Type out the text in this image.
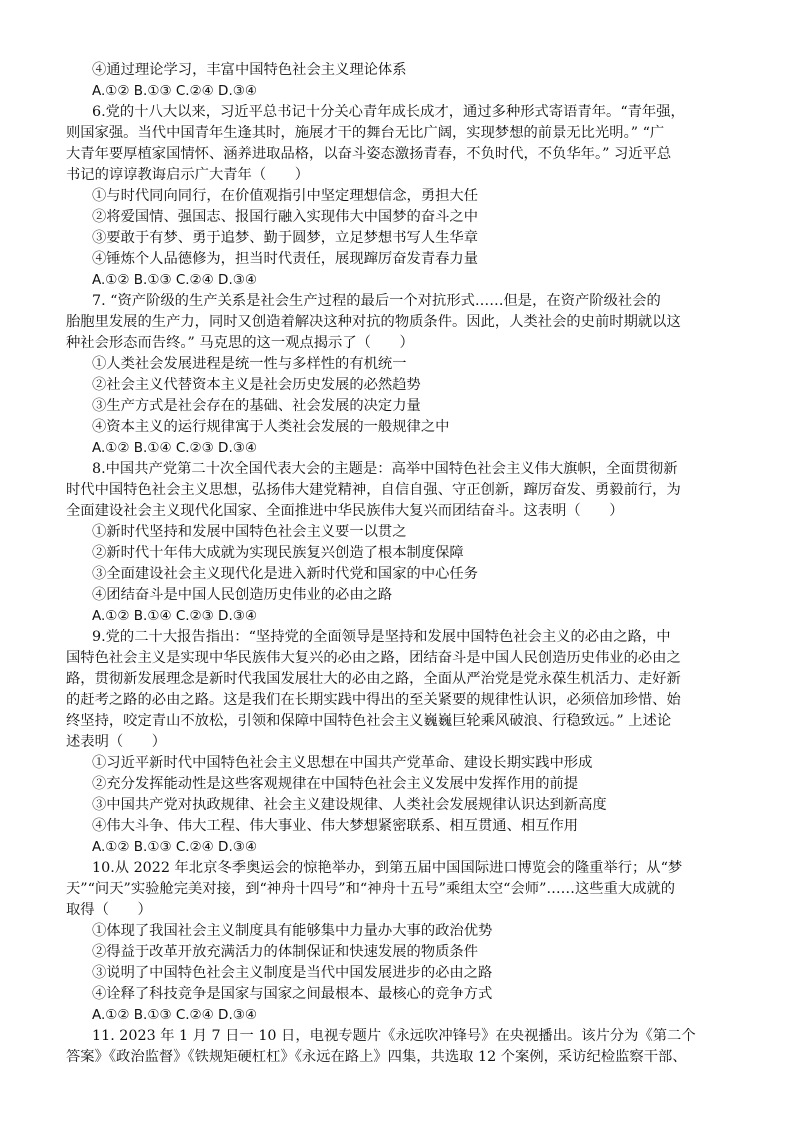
④通过理论学习，丰富中国特色社会主义理论体系
A.①② B.①③ C.②④ D.③④
6.党的十八大以来，习近平总书记十分关心青年成长成才，通过多种形式寄语青年。“青年强，
则国家强。当代中国青年生逢其时，施展才干的舞台无比广阔，实现梦想的前景无比光明。” “广
大青年要厚植家国情怀、涵养进取品格，以奋斗姿态激扬青春，不负时代，不负华年。” 习近平总
书记的谆谆教诲启示广大青年（　　）
①与时代同向同行，在价值观指引中坚定理想信念，勇担大任
②将爱国情、强国志、报国行融入实现伟大中国梦的奋斗之中
③要敢于有梦、勇于追梦、勤于圆梦，立足梦想书写人生华章
④锤炼个人品德修为，担当时代责任，展现蹿厉奋发青春力量
A.①② B.①③ C.②④ D.③④
7. “资产阶级的生产关系是社会生产过程的最后一个对抗形式……但是，在资产阶级社会的
胎胞里发展的生产力，同时又创造着解决这种对抗的物质条件。因此，人类社会的史前时期就以这
种社会形态而告终。” 马克思的这一观点揭示了（　　）
①人类社会发展进程是统一性与多样性的有机统一
②社会主义代替资本主义是社会历史发展的必然趋势
③生产方式是社会存在的基础、社会发展的决定力量
④资本主义的运行规律寓于人类社会发展的一般规律之中
A.①② B.①④ C.②③ D.③④
8.中国共产党第二十次全国代表大会的主题是：高举中国特色社会主义伟大旗帜，全面贯彻新
时代中国特色社会主义思想，弘扬伟大建党精神，自信自强、守正创新，蹿厉奋发、勇毅前行，为
全面建设社会主义现代化国家、全面推进中华民族伟大复兴而团结奋斗。这表明（　　）
①新时代坚持和发展中国特色社会主义要一以贯之
②新时代十年伟大成就为实现民族复兴创造了根本制度保障
③全面建设社会主义现代化是进入新时代党和国家的中心任务
④团结奋斗是中国人民创造历史伟业的必由之路
A.①② B.①④ C.②③ D.③④
9.党的二十大报告指出：“坚持党的全面领导是坚持和发展中国特色社会主义的必由之路，中
国特色社会主义是实现中华民族伟大复兴的必由之路，团结奋斗是中国人民创造历史伟业的必由之
路，贯彻新发展理念是新时代我国发展壮大的必由之路，全面从严治党是党永葆生机活力、走好新
的赶考之路的必由之路。这是我们在长期实践中得出的至关紧要的规律性认识，必须倍加珍惜、始
终坚持，咬定青山不放松，引领和保障中国特色社会主义巍巍巨轮乘风破浪、行稳致远。” 上述论
述表明（　　）
①习近平新时代中国特色社会主义思想在中国共产党革命、建设长期实践中形成
②充分发挥能动性是这些客观规律在中国特色社会主义发展中发挥作用的前提
③中国共产党对执政规律、社会主义建设规律、人类社会发展规律认识达到新高度
④伟大斗争、伟大工程、伟大事业、伟大梦想紧密联系、相互贯通、相互作用
A.①② B.①③ C.②④ D.③④
10.从 2022 年北京冬季奥运会的惊艳举办，到第五届中国国际进口博览会的隆重举行；从“梦
天”“问天”实验舱完美对接，到“神舟十四号”和“神舟十五号”乘组太空“会师”……这些重大成就的
取得（　　）
①体现了我国社会主义制度具有能够集中力量办大事的政治优势
②得益于改革开放充满活力的体制保证和快速发展的物质条件
③说明了中国特色社会主义制度是当代中国发展进步的必由之路
④诠释了科技竞争是国家与国家之间最根本、最核心的竞争方式
A.①② B.①③ C.②④ D.③④
11. 2023 年 1 月 7 日一 10 日，电视专题片《永远吹冲锋号》在央视播出。该片分为《第二个
答案》《政治监督》《铁规矩硬杠杠》《永远在路上》四集，共选取 12 个案例，采访纪检监察干部、
